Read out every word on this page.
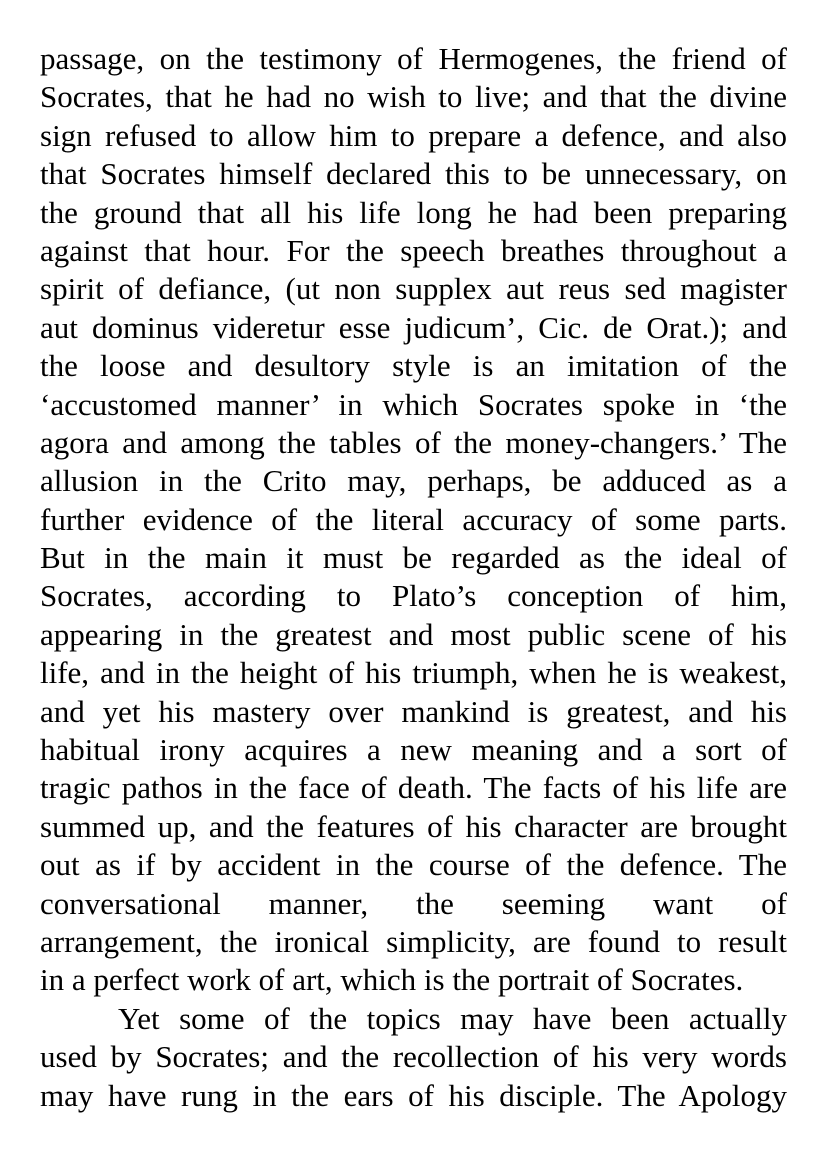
passage, on the testimony of Hermogenes, the friend of
Socrates, that he had no wish to live; and that the divine
sign refused to allow him to prepare a defence, and also
that Socrates himself declared this to be unnecessary, on
the ground that all his life long he had been preparing
against that hour. For the speech breathes throughout a
spirit of defiance, (ut non supplex aut reus sed magister
aut dominus videretur esse judicum’, Cic. de Orat.); and
the loose and desultory style is an imitation of the
‘accustomed manner’ in which Socrates spoke in ‘the
agora and among the tables of the money-changers.’ The
allusion in the Crito may, perhaps, be adduced as a
further evidence of the literal accuracy of some parts.
But in the main it must be regarded as the ideal of
Socrates, according to Plato’s conception of him,
appearing in the greatest and most public scene of his
life, and in the height of his triumph, when he is weakest,
and yet his mastery over mankind is greatest, and his
habitual irony acquires a new meaning and a sort of
tragic pathos in the face of death. The facts of his life are
summed up, and the features of his character are brought
out as if by accident in the course of the defence. The
conversational manner, the seeming want of
arrangement, the ironical simplicity, are found to result
in a perfect work of art, which is the portrait of Socrates.
Yet some of the topics may have been actually
used by Socrates; and the recollection of his very words
may have rung in the ears of his disciple. The Apology
